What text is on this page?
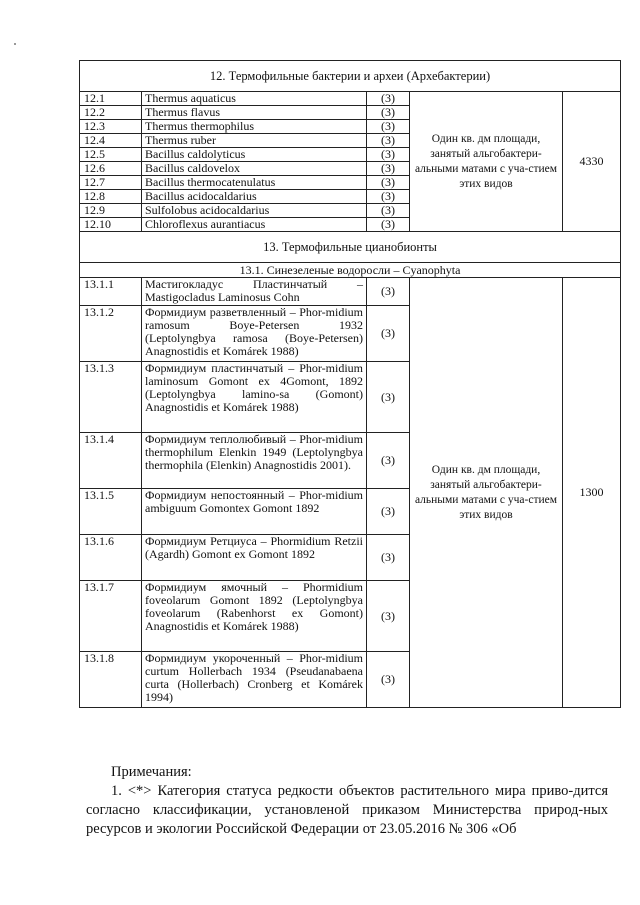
12. Термофильные бактерии и археи (Архебактерии)				
12.1	Thermus aquaticus	(3)	Один кв. дм площади, занятый альгобактери-альными матами с уча-стием этих видов	4330
12.2	Thermus flavus	(3)		
12.3	Thermus thermophilus	(3)		
12.4	Thermus ruber	(3)		
12.5	Bacillus caldolyticus	(3)		
12.6	Bacillus caldovelox	(3)		
12.7	Bacillus thermocatenulatus	(3)		
12.8	Bacillus acidocaldarius	(3)		
12.9	Sulfolobus acidocaldarius	(3)		
12.10	Chloroflexus aurantiacus	(3)		
13. Термофильные цианобионты				
13.1. Синезеленые водоросли – Cyanophyta				
13.1.1	Мастигокладус Пластинчатый – Mastigocladus Laminosus Cohn	(3)	Один кв. дм площади, занятый альгобактери-альными матами с уча-стием этих видов	1300
13.1.2	Формидиум разветвленный – Phor-midium ramosum Boye-Petersen 1932 (Leptolyngbya ramosa (Boye-Petersen) Anagnostidis et Komárek 1988)	(3)		
13.1.3	Формидиум пластинчатый – Phor-midium laminosum Gomont ex 4Gomont, 1892 (Leptolyngbya lamino-sa (Gomont) Anagnostidis et Komárek 1988)	(3)		
13.1.4	Формидиум теплолюбивый – Phor-midium thermophilum Elenkin 1949 (Leptolyngbya thermophila (Elenkin) Anagnostidis 2001).	(3)		
13.1.5	Формидиум непостоянный – Phor-midium ambiguum Gomontex Gomont 1892	(3)		
13.1.6	Формидиум Ретциуса – Phormidium Retzii (Agardh) Gomont ex Gomont 1892	(3)		
13.1.7	Формидиум ямочный – Phormidium foveolarum Gomont 1892 (Leptolyngbya foveolarum (Rabenhorst ex Gomont) Anagnostidis et Komárek 1988)	(3)		
13.1.8	Формидиум укороченный – Phor-midium curtum Hollerbach 1934 (Pseudanabaena curta (Hollerbach) Cronberg et Komárek 1994)	(3)		

Примечания:

1. <*> Категория статуса редкости объектов растительного мира приво-дится согласно классификации, установленой приказом Министерства природ-ных ресурсов и экологии Российской Федерации от 23.05.2016 № 306 «Об
